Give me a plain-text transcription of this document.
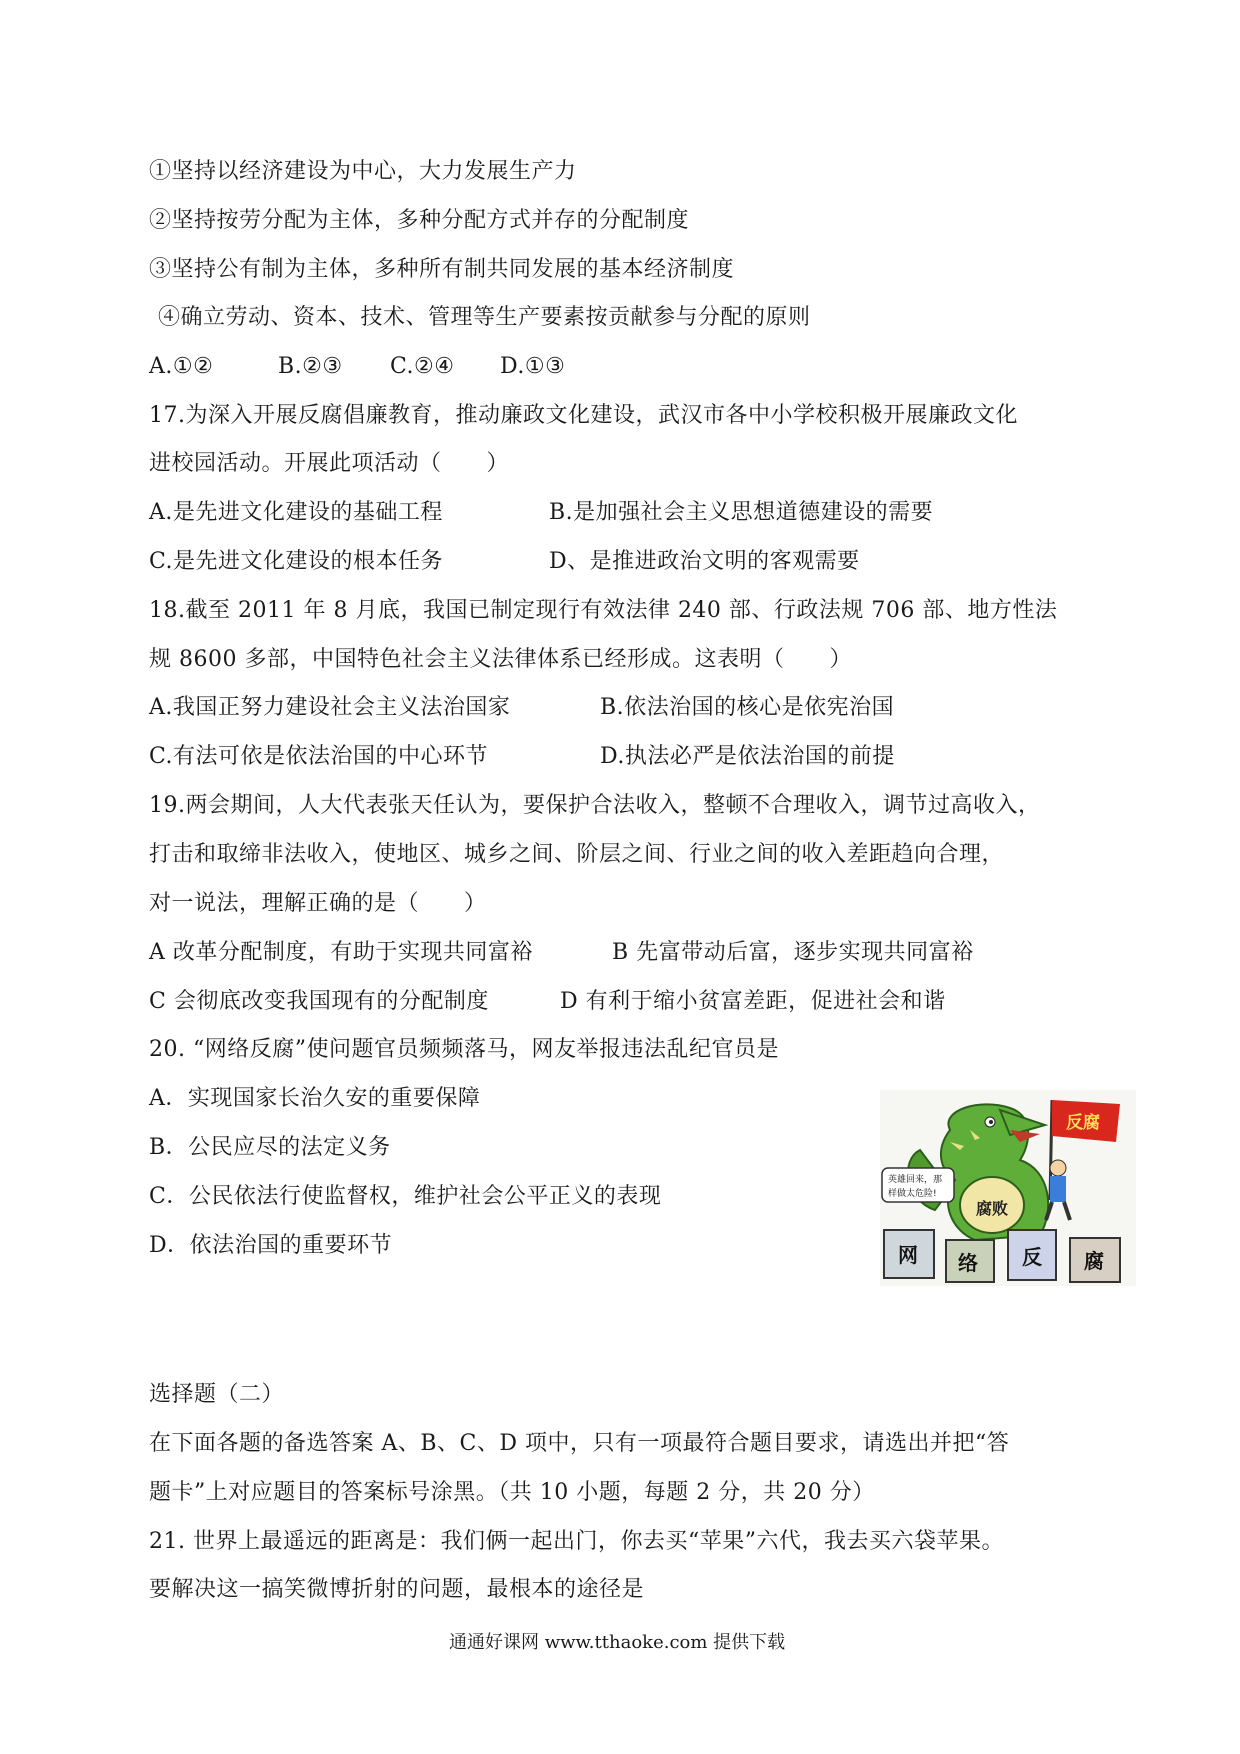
①坚持以经济建设为中心，大力发展生产力
②坚持按劳分配为主体，多种分配方式并存的分配制度
③坚持公有制为主体，多种所有制共同发展的基本经济制度
④确立劳动、资本、技术、管理等生产要素按贡献参与分配的原则
A.①②	B.②③ C.②④ D.①③
17.为深入开展反腐倡廉教育，推动廉政文化建设，武汉市各中小学校积极开展廉政文化
进校园活动。开展此项活动（　　）
A.是先进文化建设的基础工程	B.是加强社会主义思想道德建设的需要
C.是先进文化建设的根本任务	D、是推进政治文明的客观需要
18.截至 2011 年 8 月底，我国已制定现行有效法律 240 部、行政法规 706 部、地方性法
规 8600 多部，中国特色社会主义法律体系已经形成。这表明（　　）
A.我国正努力建设社会主义法治国家	B.依法治国的核心是依宪治国
C.有法可依是依法治国的中心环节	D.执法必严是依法治国的前提
19.两会期间，人大代表张天任认为，要保护合法收入，整顿不合理收入，调节过高收入，
打击和取缔非法收入，使地区、城乡之间、阶层之间、行业之间的收入差距趋向合理，
对一说法，理解正确的是（　　）
A 改革分配制度，有助于实现共同富裕	B 先富带动后富，逐步实现共同富裕
C 会彻底改变我国现有的分配制度	D 有利于缩小贫富差距，促进社会和谐
20. “网络反腐”使问题官员频频落马，网友举报违法乱纪官员是
A．实现国家长治久安的重要保障
B．公民应尽的法定义务
C．公民依法行使监督权，维护社会公平正义的表现
D．依法治国的重要环节
腐败
反腐
英雄回来，那
样做太危险!
网 络 反 腐
选择题（二）
在下面各题的备选答案 A、B、C、D 项中，只有一项最符合题目要求，请选出并把“答
题卡”上对应题目的答案标号涂黑。（共 10 小题，每题 2 分，共 20 分）
21. 世界上最遥远的距离是：我们俩一起出门，你去买“苹果”六代，我去买六袋苹果。
要解决这一搞笑微博折射的问题，最根本的途径是
通通好课网 www.tthaoke.com 提供下载
